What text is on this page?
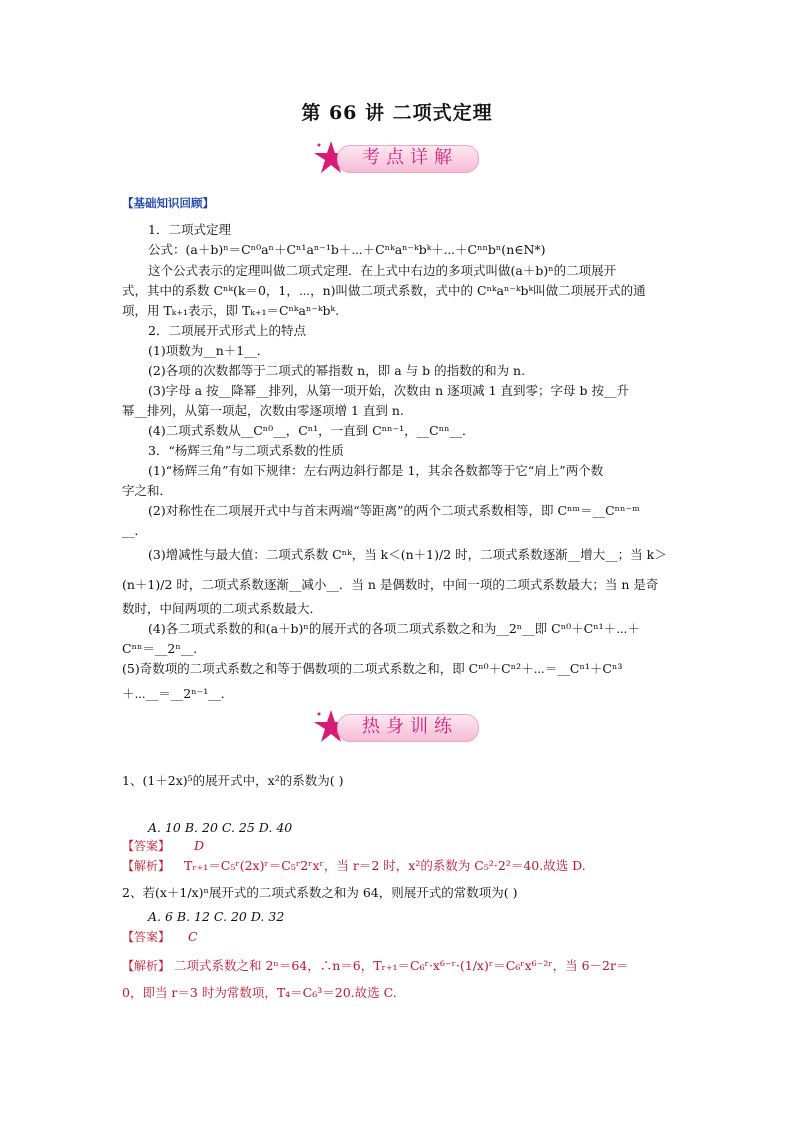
第 66 讲 二项式定理
考点详解
【基础知识回顾】
1．二项式定理
公式：(a＋b)ⁿ＝Cⁿ⁰aⁿ＋Cⁿ¹aⁿ⁻¹b＋⋯＋Cⁿᵏaⁿ⁻ᵏbᵏ＋⋯＋Cⁿⁿbⁿ(n∈N*)
这个公式表示的定理叫做二项式定理．在上式中右边的多项式叫做(a＋b)ⁿ的二项展开
式，其中的系数 Cⁿᵏ(k＝0，1，⋯，n)叫做二项式系数，式中的 Cⁿᵏaⁿ⁻ᵏbᵏ叫做二项展开式的通
项，用 Tₖ₊₁表示，即 Tₖ₊₁＝Cⁿᵏaⁿ⁻ᵏbᵏ.
2．二项展开式形式上的特点
(1)项数为__n＋1__．
(2)各项的次数都等于二项式的幂指数 n，即 a 与 b 的指数的和为 n.
(3)字母 a 按__降幂__排列，从第一项开始，次数由 n 逐项减 1 直到零；字母 b 按__升
幂__排列，从第一项起，次数由零逐项增 1 直到 n.
(4)二项式系数从__Cⁿ⁰__，Cⁿ¹，一直到 Cⁿⁿ⁻¹，__Cⁿⁿ__．
3．“杨辉三角”与二项式系数的性质
(1)“杨辉三角”有如下规律：左右两边斜行都是 1，其余各数都等于它“肩上”两个数
字之和．
(2)对称性在二项展开式中与首末两端“等距离”的两个二项式系数相等，即 Cⁿᵐ＝__Cⁿⁿ⁻ᵐ
__．
(3)增减性与最大值：二项式系数 Cⁿᵏ，当 k＜(n＋1)/2 时，二项式系数逐渐__增大__；当 k＞
(n＋1)/2 时，二项式系数逐渐__减小__．当 n 是偶数时，中间一项的二项式系数最大；当 n 是奇
数时，中间两项的二项式系数最大．
(4)各二项式系数的和(a＋b)ⁿ的展开式的各项二项式系数之和为__2ⁿ__即 Cⁿ⁰＋Cⁿ¹＋⋯＋
Cⁿⁿ＝__2ⁿ__.
(5)奇数项的二项式系数之和等于偶数项的二项式系数之和，即 Cⁿ⁰＋Cⁿ²＋⋯＝__Cⁿ¹＋Cⁿ³
＋⋯__＝__2ⁿ⁻¹__．
热身训练
1、(1＋2x)⁵的展开式中，x²的系数为( )
A. 10 B. 20 C. 25 D. 40
【答案】 D
【解析】 Tᵣ₊₁＝C₅ʳ(2x)ʳ＝C₅ʳ2ʳxʳ，当 r＝2 时，x²的系数为 C₅²·2²＝40.故选 D.
2、若(x＋1/x)ⁿ展开式的二项式系数之和为 64，则展开式的常数项为( )
A. 6 B. 12 C. 20 D. 32
【答案】 C
【解析】 二项式系数之和 2ⁿ＝64，∴n＝6，Tᵣ₊₁＝C₆ʳ·x⁶⁻ʳ·(1/x)ʳ＝C₆ʳx⁶⁻²ʳ，当 6－2r＝
0，即当 r＝3 时为常数项，T₄＝C₆³＝20.故选 C.
